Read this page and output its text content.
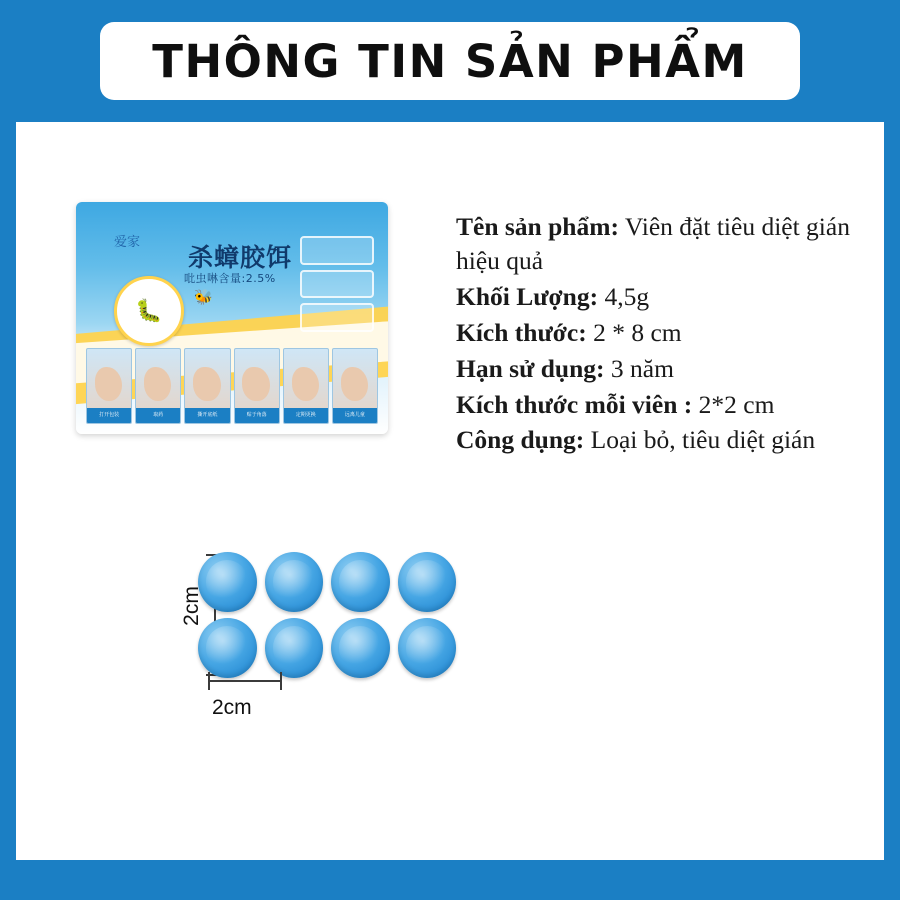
THÔNG TIN SẢN PHẨM
爱家
杀蟑胶饵
吡虫啉含量:2.5%
🐛
🐝
打开包装	取药	撕开底纸	贴于角落	定期更换	远离儿童
2cm
2cm
Tên sản phẩm: Viên đặt tiêu diệt gián hiệu quả
Khối Lượng: 4,5g
Kích thước: 2 * 8 cm
Hạn sử dụng: 3 năm
Kích thước mỗi viên : 2*2 cm
Công dụng: Loại bỏ, tiêu diệt gián
